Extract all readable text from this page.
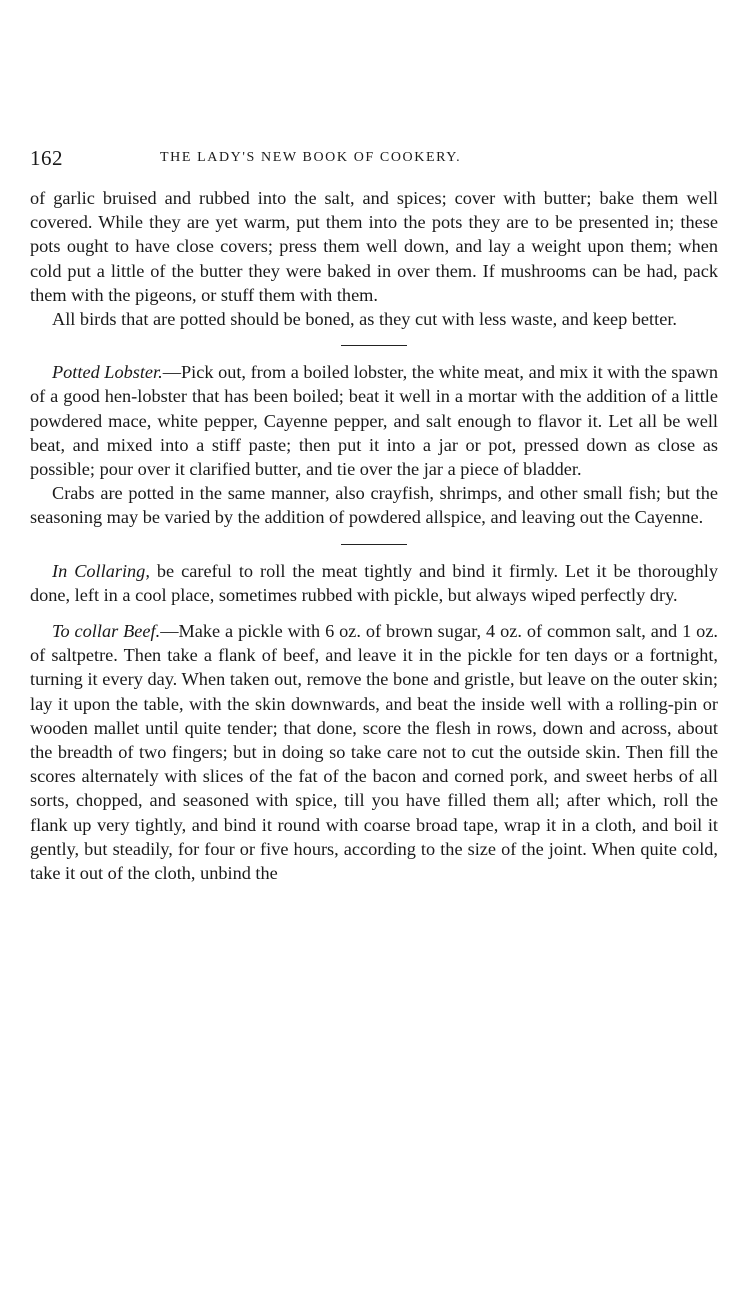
162	THE LADY'S NEW BOOK OF COOKERY.

of garlic bruised and rubbed into the salt, and spices; cover with butter; bake them well covered. While they are yet warm, put them into the pots they are to be presented in; these pots ought to have close covers; press them well down, and lay a weight upon them; when cold put a little of the butter they were baked in over them. If mushrooms can be had, pack them with the pigeons, or stuff them with them.

All birds that are potted should be boned, as they cut with less waste, and keep better.

Potted Lobster.—Pick out, from a boiled lobster, the white meat, and mix it with the spawn of a good hen-lobster that has been boiled; beat it well in a mortar with the addition of a little powdered mace, white pepper, Cayenne pepper, and salt enough to flavor it. Let all be well beat, and mixed into a stiff paste; then put it into a jar or pot, pressed down as close as possible; pour over it clarified butter, and tie over the jar a piece of bladder.

Crabs are potted in the same manner, also crayfish, shrimps, and other small fish; but the seasoning may be varied by the addition of powdered allspice, and leaving out the Cayenne.

In Collaring, be careful to roll the meat tightly and bind it firmly. Let it be thoroughly done, left in a cool place, sometimes rubbed with pickle, but always wiped perfectly dry.

To collar Beef.—Make a pickle with 6 oz. of brown sugar, 4 oz. of common salt, and 1 oz. of saltpetre. Then take a flank of beef, and leave it in the pickle for ten days or a fortnight, turning it every day. When taken out, remove the bone and gristle, but leave on the outer skin; lay it upon the table, with the skin downwards, and beat the inside well with a rolling-pin or wooden mallet until quite tender; that done, score the flesh in rows, down and across, about the breadth of two fingers; but in doing so take care not to cut the outside skin. Then fill the scores alternately with slices of the fat of the bacon and corned pork, and sweet herbs of all sorts, chopped, and seasoned with spice, till you have filled them all; after which, roll the flank up very tightly, and bind it round with coarse broad tape, wrap it in a cloth, and boil it gently, but steadily, for four or five hours, according to the size of the joint. When quite cold, take it out of the cloth, unbind the
